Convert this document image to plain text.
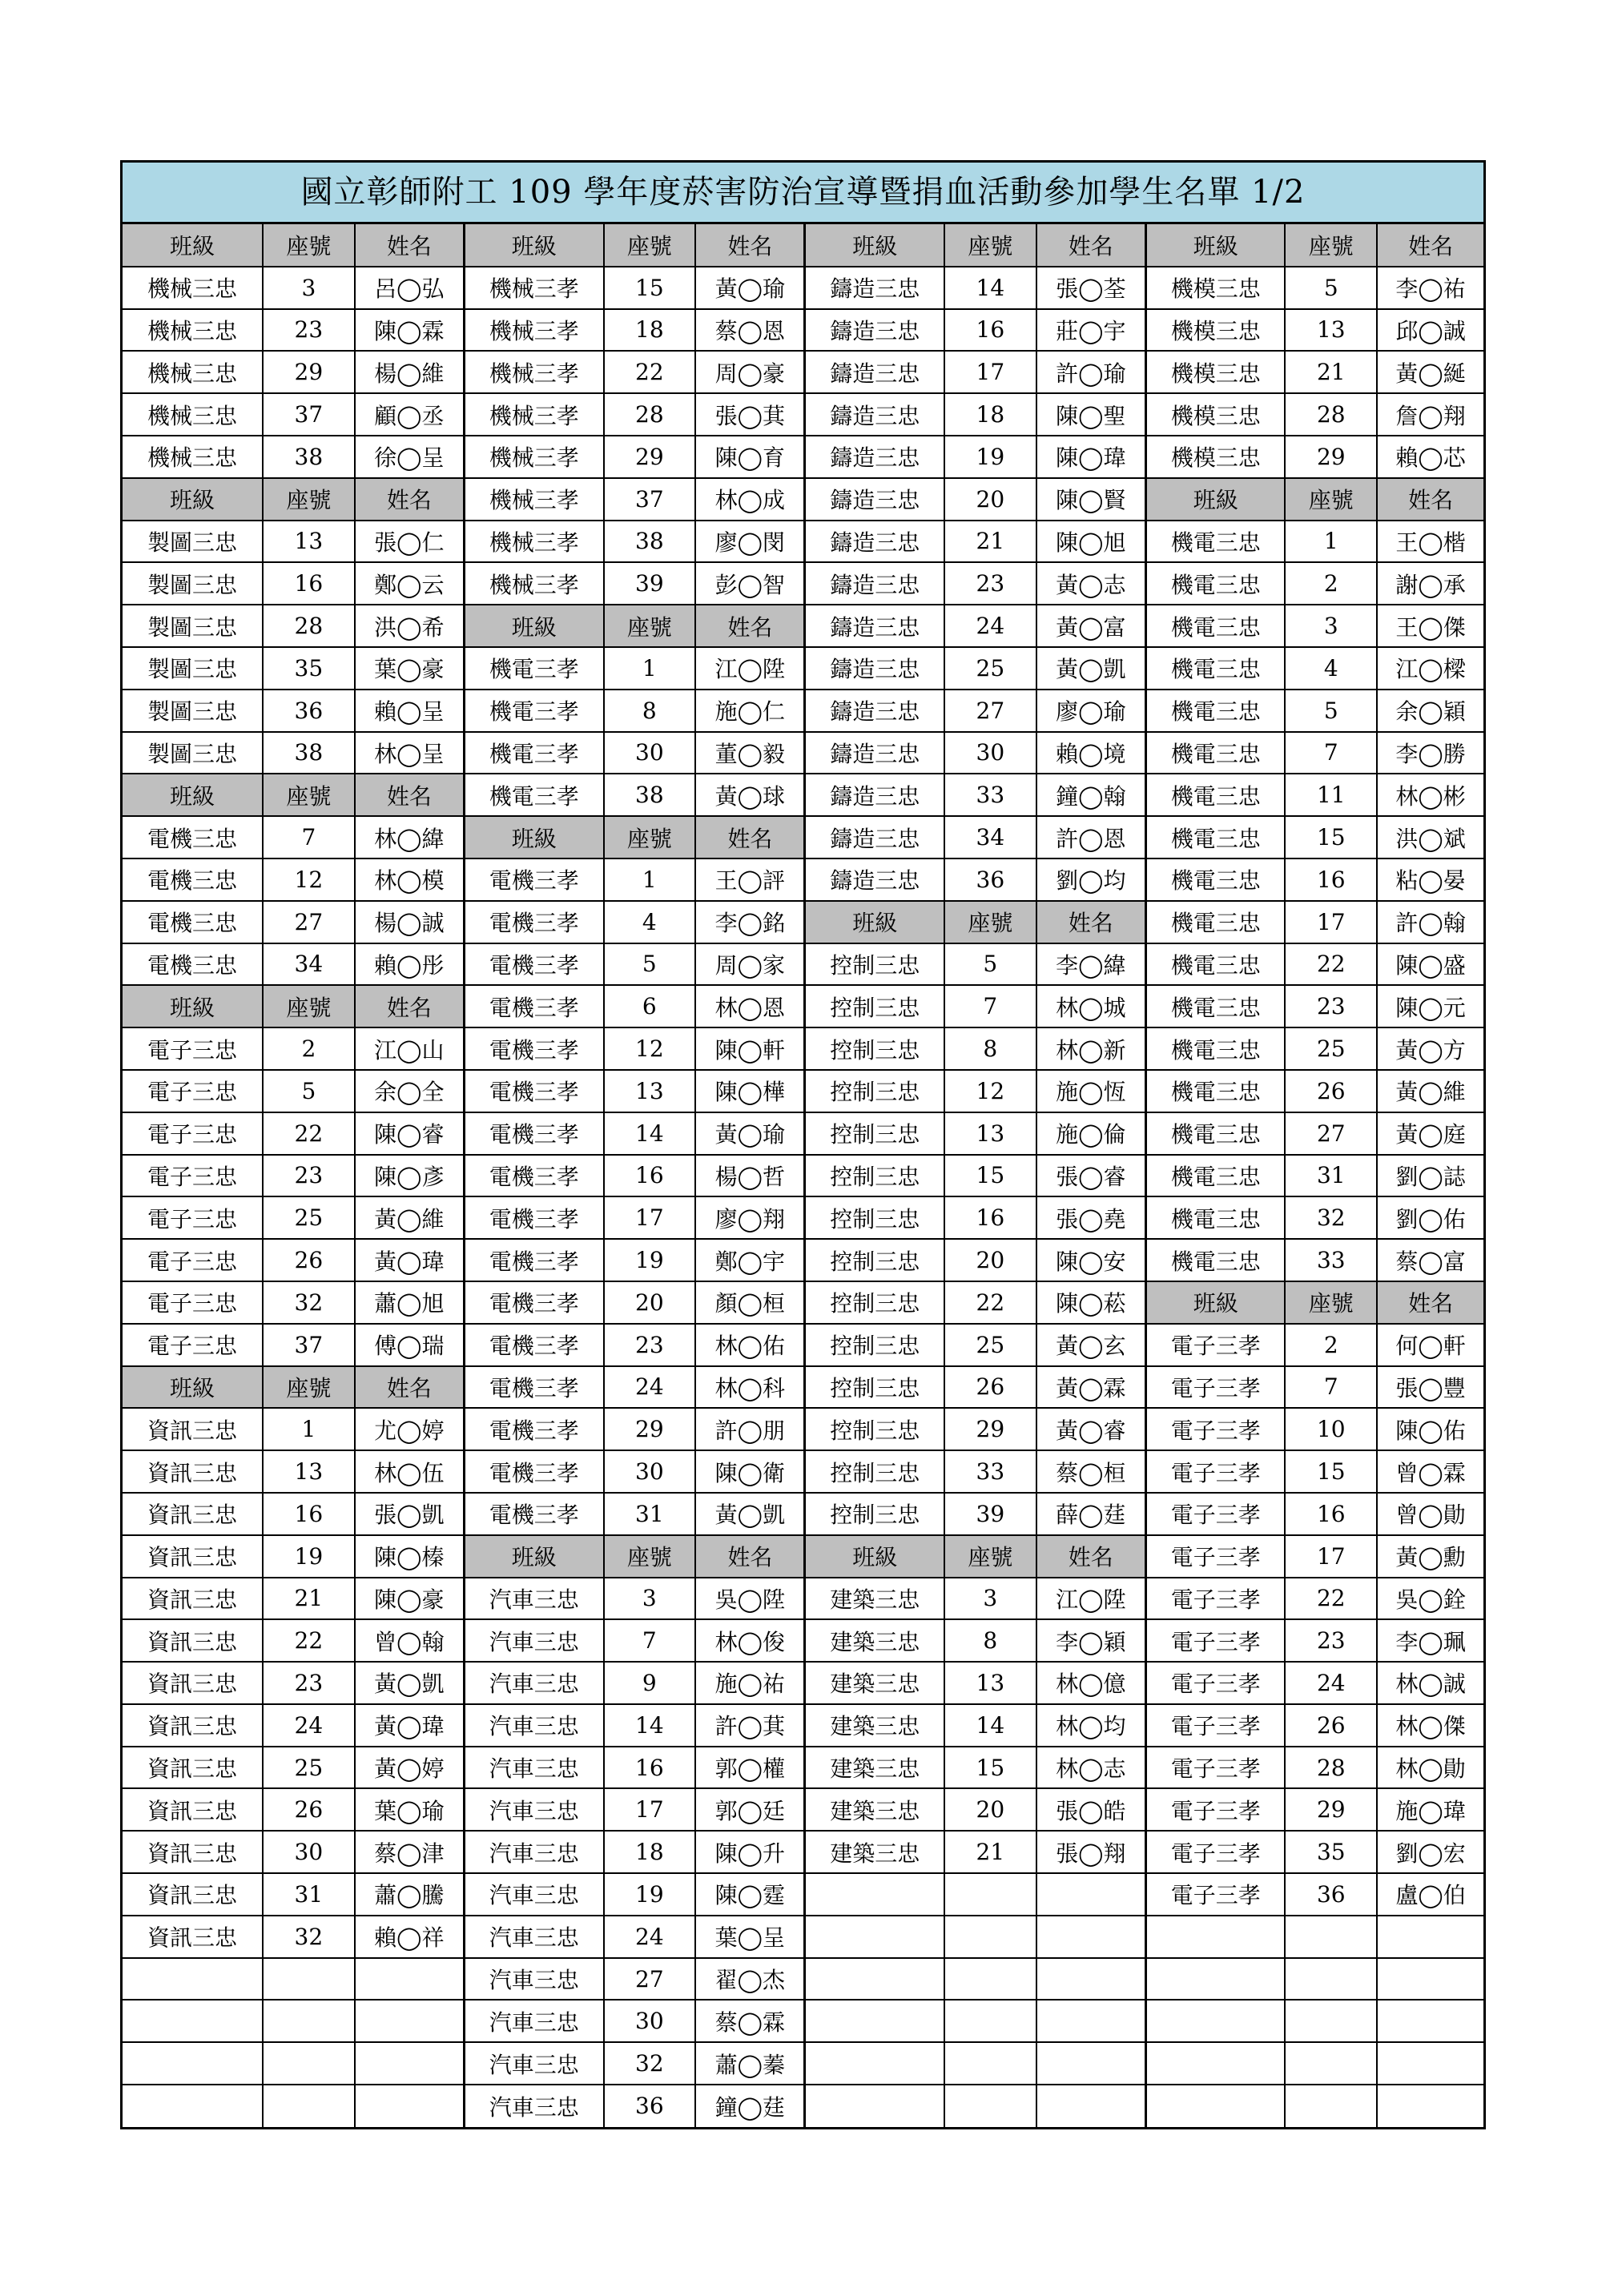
國立彰師附工 109 學年度菸害防治宣導暨捐血活動參加學生名單 1/2
班級	座號	姓名	班級	座號	姓名	班級	座號	姓名	班級	座號	姓名
機械三忠	3	呂◯弘	機械三孝	15	黃◯瑜	鑄造三忠	14	張◯荃	機模三忠	5	李◯祐
機械三忠	23	陳◯霖	機械三孝	18	蔡◯恩	鑄造三忠	16	莊◯宇	機模三忠	13	邱◯誠
機械三忠	29	楊◯維	機械三孝	22	周◯豪	鑄造三忠	17	許◯瑜	機模三忠	21	黃◯綖
機械三忠	37	顧◯丞	機械三孝	28	張◯萁	鑄造三忠	18	陳◯聖	機模三忠	28	詹◯翔
機械三忠	38	徐◯呈	機械三孝	29	陳◯育	鑄造三忠	19	陳◯瑋	機模三忠	29	賴◯芯
班級	座號	姓名	機械三孝	37	林◯成	鑄造三忠	20	陳◯賢	班級	座號	姓名
製圖三忠	13	張◯仁	機械三孝	38	廖◯閔	鑄造三忠	21	陳◯旭	機電三忠	1	王◯楷
製圖三忠	16	鄭◯云	機械三孝	39	彭◯智	鑄造三忠	23	黃◯志	機電三忠	2	謝◯承
製圖三忠	28	洪◯希	班級	座號	姓名	鑄造三忠	24	黃◯富	機電三忠	3	王◯傑
製圖三忠	35	葉◯豪	機電三孝	1	江◯陞	鑄造三忠	25	黃◯凱	機電三忠	4	江◯樑
製圖三忠	36	賴◯呈	機電三孝	8	施◯仁	鑄造三忠	27	廖◯瑜	機電三忠	5	余◯穎
製圖三忠	38	林◯呈	機電三孝	30	董◯毅	鑄造三忠	30	賴◯境	機電三忠	7	李◯勝
班級	座號	姓名	機電三孝	38	黃◯球	鑄造三忠	33	鐘◯翰	機電三忠	11	林◯彬
電機三忠	7	林◯緯	班級	座號	姓名	鑄造三忠	34	許◯恩	機電三忠	15	洪◯斌
電機三忠	12	林◯模	電機三孝	1	王◯評	鑄造三忠	36	劉◯均	機電三忠	16	粘◯晏
電機三忠	27	楊◯誠	電機三孝	4	李◯銘	班級	座號	姓名	機電三忠	17	許◯翰
電機三忠	34	賴◯彤	電機三孝	5	周◯家	控制三忠	5	李◯緯	機電三忠	22	陳◯盛
班級	座號	姓名	電機三孝	6	林◯恩	控制三忠	7	林◯城	機電三忠	23	陳◯元
電子三忠	2	江◯山	電機三孝	12	陳◯軒	控制三忠	8	林◯新	機電三忠	25	黃◯方
電子三忠	5	余◯全	電機三孝	13	陳◯樺	控制三忠	12	施◯恆	機電三忠	26	黃◯維
電子三忠	22	陳◯睿	電機三孝	14	黃◯瑜	控制三忠	13	施◯倫	機電三忠	27	黃◯庭
電子三忠	23	陳◯彥	電機三孝	16	楊◯哲	控制三忠	15	張◯睿	機電三忠	31	劉◯誌
電子三忠	25	黃◯維	電機三孝	17	廖◯翔	控制三忠	16	張◯堯	機電三忠	32	劉◯佑
電子三忠	26	黃◯瑋	電機三孝	19	鄭◯宇	控制三忠	20	陳◯安	機電三忠	33	蔡◯富
電子三忠	32	蕭◯旭	電機三孝	20	顏◯桓	控制三忠	22	陳◯菘	班級	座號	姓名
電子三忠	37	傅◯瑞	電機三孝	23	林◯佑	控制三忠	25	黃◯玄	電子三孝	2	何◯軒
班級	座號	姓名	電機三孝	24	林◯科	控制三忠	26	黃◯霖	電子三孝	7	張◯豐
資訊三忠	1	尤◯婷	電機三孝	29	許◯朋	控制三忠	29	黃◯睿	電子三孝	10	陳◯佑
資訊三忠	13	林◯伍	電機三孝	30	陳◯衛	控制三忠	33	蔡◯桓	電子三孝	15	曾◯霖
資訊三忠	16	張◯凱	電機三孝	31	黃◯凱	控制三忠	39	薛◯莛	電子三孝	16	曾◯勛
資訊三忠	19	陳◯榛	班級	座號	姓名	班級	座號	姓名	電子三孝	17	黃◯勳
資訊三忠	21	陳◯豪	汽車三忠	3	吳◯陞	建築三忠	3	江◯陞	電子三孝	22	吳◯銓
資訊三忠	22	曾◯翰	汽車三忠	7	林◯俊	建築三忠	8	李◯穎	電子三孝	23	李◯珮
資訊三忠	23	黃◯凱	汽車三忠	9	施◯祐	建築三忠	13	林◯億	電子三孝	24	林◯誠
資訊三忠	24	黃◯瑋	汽車三忠	14	許◯萁	建築三忠	14	林◯均	電子三孝	26	林◯傑
資訊三忠	25	黃◯婷	汽車三忠	16	郭◯權	建築三忠	15	林◯志	電子三孝	28	林◯勛
資訊三忠	26	葉◯瑜	汽車三忠	17	郭◯廷	建築三忠	20	張◯皓	電子三孝	29	施◯瑋
資訊三忠	30	蔡◯津	汽車三忠	18	陳◯升	建築三忠	21	張◯翔	電子三孝	35	劉◯宏
資訊三忠	31	蕭◯騰	汽車三忠	19	陳◯霆				電子三孝	36	盧◯伯
資訊三忠	32	賴◯祥	汽車三忠	24	葉◯呈						
			汽車三忠	27	翟◯杰						
			汽車三忠	30	蔡◯霖						
			汽車三忠	32	蕭◯蓁						
			汽車三忠	36	鐘◯莛						
